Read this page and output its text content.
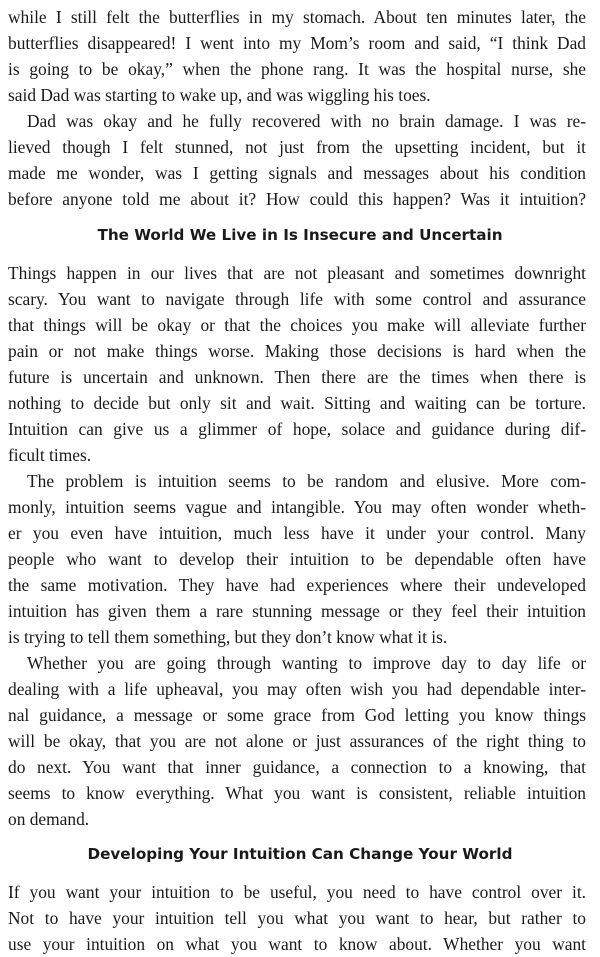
while I still felt the butterflies in my stomach. About ten minutes later, the
butterflies disappeared! I went into my Mom’s room and said, “I think Dad
is going to be okay,” when the phone rang. It was the hospital nurse, she
said Dad was starting to wake up, and was wiggling his toes.
Dad was okay and he fully recovered with no brain damage. I was re-
lieved though I felt stunned, not just from the upsetting incident, but it
made me wonder, was I getting signals and messages about his condition
before anyone told me about it? How could this happen? Was it intuition?
The World We Live in Is Insecure and Uncertain
Things happen in our lives that are not pleasant and sometimes downright
scary. You want to navigate through life with some control and assurance
that things will be okay or that the choices you make will alleviate further
pain or not make things worse. Making those decisions is hard when the
future is uncertain and unknown. Then there are the times when there is
nothing to decide but only sit and wait. Sitting and waiting can be torture.
Intuition can give us a glimmer of hope, solace and guidance during dif-
ficult times.
The problem is intuition seems to be random and elusive. More com-
monly, intuition seems vague and intangible. You may often wonder wheth-
er you even have intuition, much less have it under your control. Many
people who want to develop their intuition to be dependable often have
the same motivation. They have had experiences where their undeveloped
intuition has given them a rare stunning message or they feel their intuition
is trying to tell them something, but they don’t know what it is.
Whether you are going through wanting to improve day to day life or
dealing with a life upheaval, you may often wish you had dependable inter-
nal guidance, a message or some grace from God letting you know things
will be okay, that you are not alone or just assurances of the right thing to
do next. You want that inner guidance, a connection to a knowing, that
seems to know everything. What you want is consistent, reliable intuition
on demand.
Developing Your Intuition Can Change Your World
If you want your intuition to be useful, you need to have control over it.
Not to have your intuition tell you what you want to hear, but rather to
use your intuition on what you want to know about. Whether you want
